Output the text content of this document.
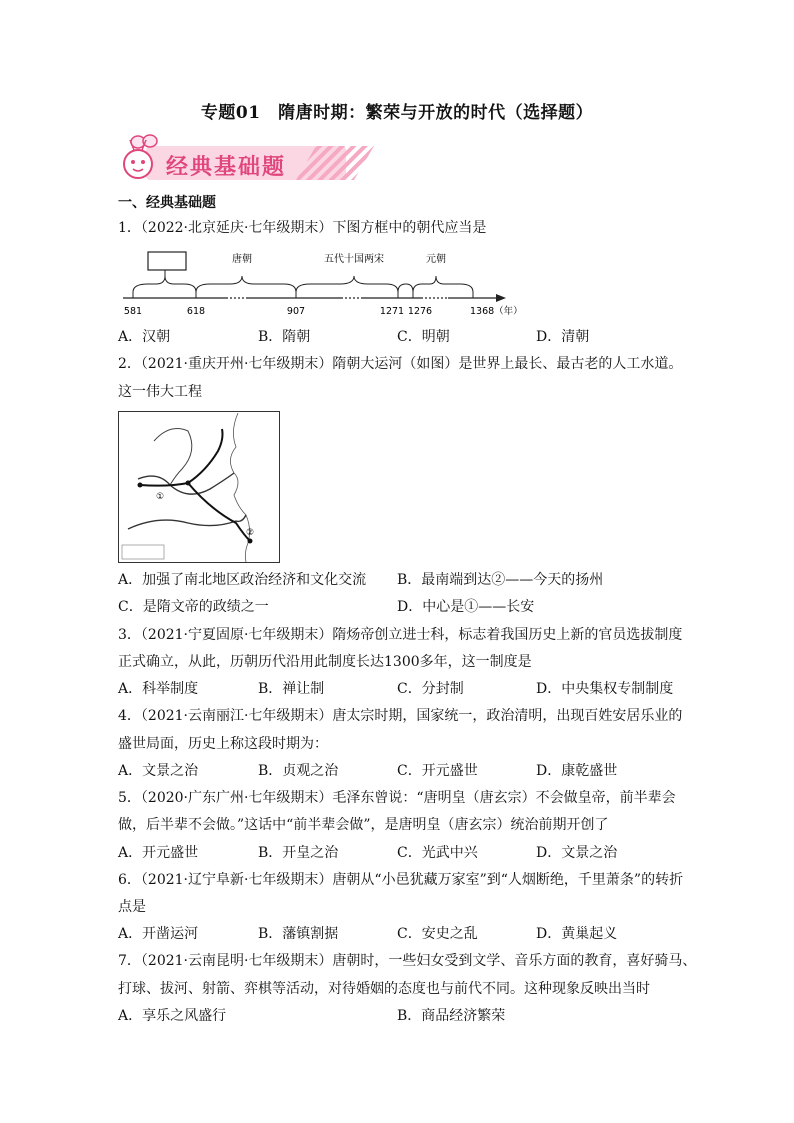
专题01　隋唐时期：繁荣与开放的时代（选择题）
经典基础题
一、经典基础题
1．（2022·北京延庆·七年级期末）下图方框中的朝代应当是
唐朝	五代十国两宋	元朝
581	618	907	1271 1276	1368（年）
A．汉朝	B．隋朝	C．明朝	D．清朝
2．（2021·重庆开州·七年级期末）隋朝大运河（如图）是世界上最长、最古老的人工水道。
这一伟大工程
①
②
A．加强了南北地区政治经济和文化交流 B．最南端到达②——今天的扬州
C．是隋文帝的政绩之一	D．中心是①——长安
3．（2021·宁夏固原·七年级期末）隋炀帝创立进士科，标志着我国历史上新的官员选拔制度
正式确立，从此，历朝历代沿用此制度长达1300多年，这一制度是
A．科举制度	B．禅让制	C．分封制	D．中央集权专制制度
4．（2021·云南丽江·七年级期末）唐太宗时期，国家统一，政治清明，出现百姓安居乐业的
盛世局面，历史上称这段时期为：
A．文景之治	B．贞观之治	C．开元盛世	D．康乾盛世
5．（2020·广东广州·七年级期末）毛泽东曾说：“唐明皇（唐玄宗）不会做皇帝，前半辈会
做，后半辈不会做。”这话中“前半辈会做”，是唐明皇（唐玄宗）统治前期开创了
A．开元盛世	B．开皇之治	C．光武中兴	D．文景之治
6．（2021·辽宁阜新·七年级期末）唐朝从“小邑犹藏万家室”到“人烟断绝，千里萧条”的转折
点是
A．开凿运河	B．藩镇割据	C．安史之乱	D．黄巢起义
7．（2021·云南昆明·七年级期末）唐朝时，一些妇女受到文学、音乐方面的教育，喜好骑马、
打球、拔河、射箭、弈棋等活动，对待婚姻的态度也与前代不同。这种现象反映出当时
A．享乐之风盛行	B．商品经济繁荣
